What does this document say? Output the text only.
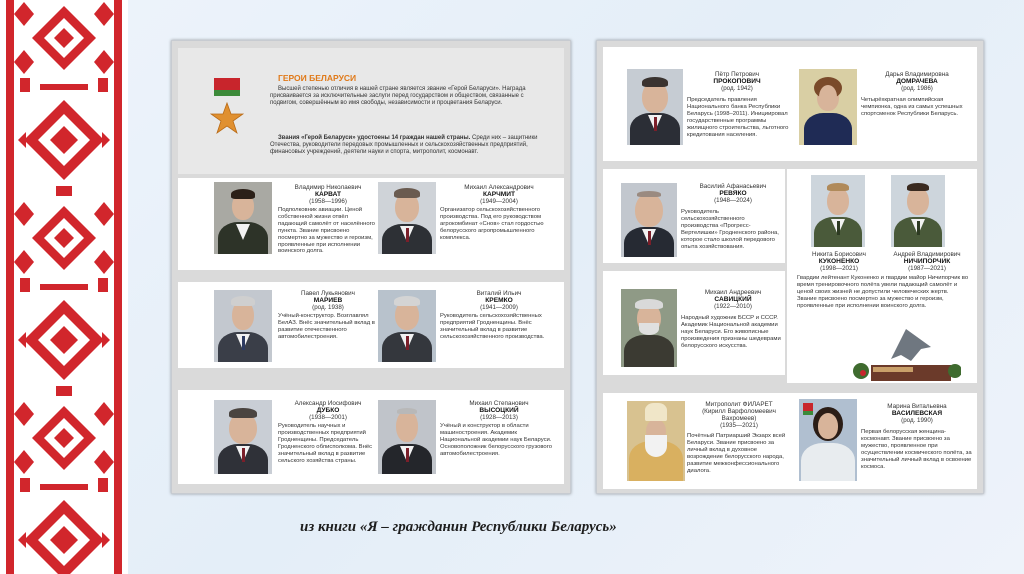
ГЕРОИ БЕЛАРУСИ
Высшей степенью отличия в нашей стране является звание «Герой Беларуси». Награда присваивается за исключительные заслуги перед государством и обществом, связанные с подвигом, совершённым во имя свободы, независимости и процветания Беларуси.
Звания «Герой Беларуси» удостоены 14 граждан нашей страны. Среди них – защитники Отечества, руководители передовых промышленных и сельскохозяйственных предприятий, финансовых учреждений, деятели науки и спорта, митрополит, космонавт.
Владимир Николаевич
КАРВАТ
(1958—1996)
Подполковник авиации. Ценой собственной жизни отвёл падающий самолёт от населённого пункта. Звание присвоено посмертно за мужество и героизм, проявленные при исполнении воинского долга.
Михаил Александрович
КАРЧМИТ
(1949—2004)
Организатор сельскохозяйственного производства. Под его руководством агрокомбинат «Снов» стал гордостью белорусского агропромышленного комплекса.
Павел Лукьянович
МАРИЕВ
(род. 1938)
Учёный-конструктор. Возглавлял БелАЗ. Внёс значительный вклад в развитие отечественного автомобилестроения.
Виталий Ильич
КРЕМКО
(1941—2009)
Руководитель сельскохозяйственных предприятий Гродненщины. Внёс значительный вклад в развитие сельскохозяйственного производства.
Александр Иосифович
ДУБКО
(1938—2001)
Руководитель научных и производственных предприятий Гродненщины. Председатель Гродненского облисполкома. Внёс значительный вклад в развитие сельского хозяйства страны.
Михаил Степанович
ВЫСОЦКИЙ
(1928—2013)
Учёный и конструктор в области машиностроения. Академик Национальной академии наук Беларуси. Основоположник белорусского грузового автомобилестроения.
Пётр Петрович
ПРОКОПОВИЧ
(род. 1942)
Председатель правления Национального банка Республики Беларусь (1998–2011). Инициировал государственные программы жилищного строительства, льготного кредитования населения.
Дарья Владимировна
ДОМРАЧЕВА
(род. 1986)
Четырёхкратная олимпийская чемпионка, одна из самых успешных спортсменок Республики Беларусь.
Василий Афанасьевич
РЕВЯКО
(1948—2024)
Руководитель сельскохозяйственного производства «Прогресс-Вертелишки» Гродненского района, которое стало школой передового опыта хозяйствования.
Никита Борисович
КУКОНЕНКО
(1998—2021)
Андрей Владимирович
НИЧИПОРЧИК
(1987—2021)
Гвардии лейтенант Куконенко и гвардии майор Ничипорчик во время тренировочного полёта увели падающий самолёт и ценой своих жизней не допустили человеческих жертв. Звание присвоено посмертно за мужество и героизм, проявленные при исполнении воинского долга.
Михаил Андреевич
САВИЦКИЙ
(1922—2010)
Народный художник БССР и СССР. Академик Национальной академии наук Беларуси. Его живописные произведения признаны шедеврами белорусского искусства.
Митрополит ФИЛАРЕТ
(Кирилл Варфоломеевич
Вахромеев)
(1935—2021)
Почётный Патриарший Экзарх всей Беларуси. Звание присвоено за личный вклад в духовное возрождение белорусского народа, развитие межконфессионального диалога.
Марина Витальевна
ВАСИЛЕВСКАЯ
(род. 1990)
Первая белорусская женщина-космонавт. Звание присвоено за мужество, проявленное при осуществлении космического полёта, за значительный личный вклад в освоение космоса.
из книги «Я – гражданин Республики Беларусь»
